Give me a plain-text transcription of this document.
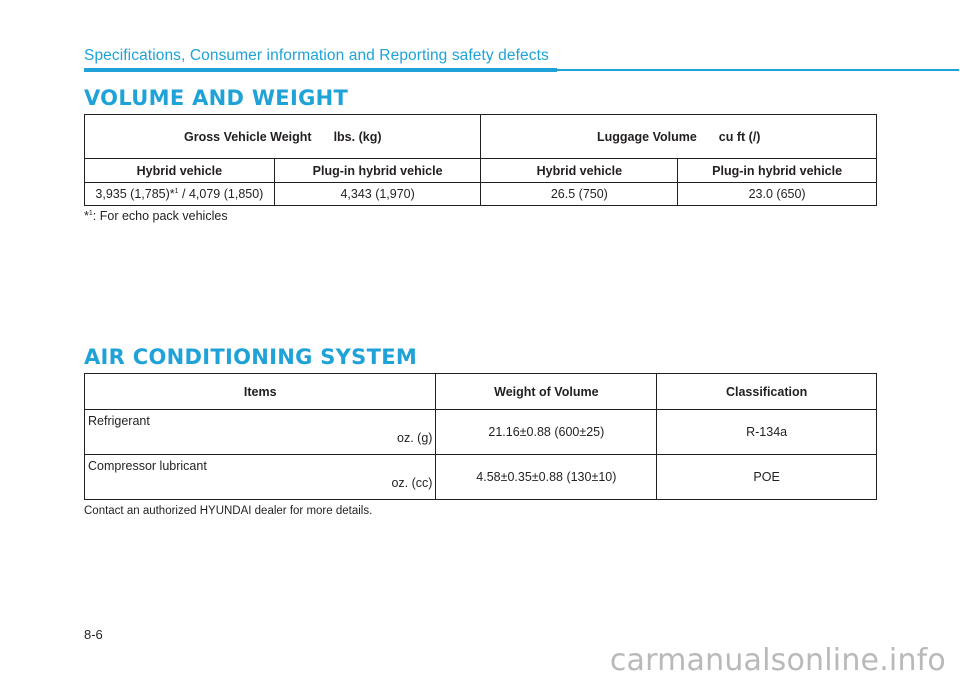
Specifications, Consumer information and Reporting safety defects
VOLUME AND WEIGHT
Gross Vehicle Weight lbs. (kg)		Luggage Volume cu ft (/)	
Hybrid vehicle	Plug-in hybrid vehicle	Hybrid vehicle	Plug-in hybrid vehicle
3,935 (1,785)*$^1$ / 4,079 (1,850)	4,343 (1,970)	26.5 (750)	23.0 (650)
*$^1$: For echo pack vehicles
AIR CONDITIONING SYSTEM
Items	Weight of Volume	Classification

Refrigerant
oz. (g)	21.16±0.88 (600±25)	R-134a

Compressor lubricant
oz. (cc)	4.58±0.35±0.88 (130±10)	POE
Contact an authorized HYUNDAI dealer for more details.
8-6
carmanualsonline.info
